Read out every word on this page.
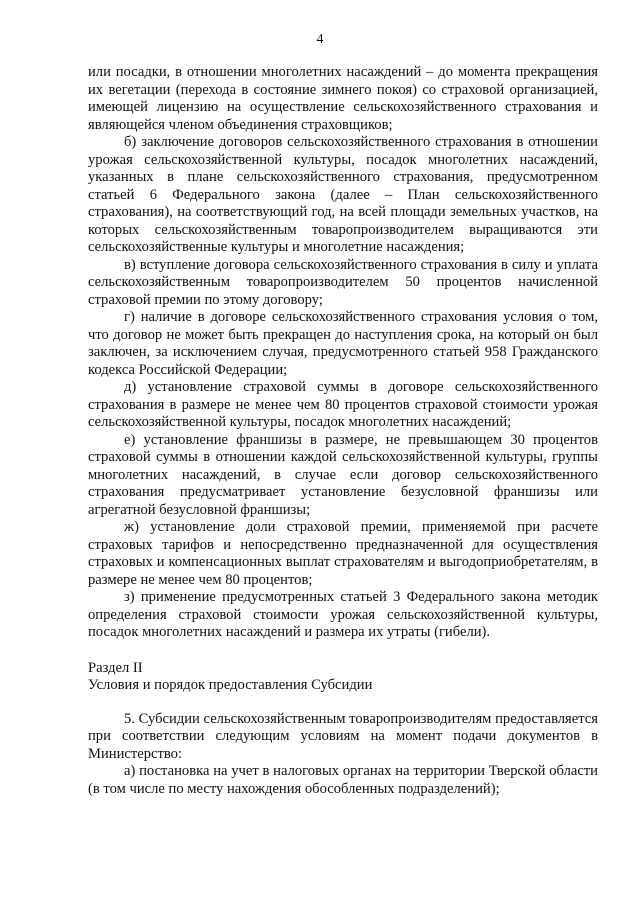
4

или посадки, в отношении многолетних насаждений – до момента прекращения их вегетации (перехода в состояние зимнего покоя) со страховой организацией, имеющей лицензию на осуществление сельскохозяйственного страхования и являющейся членом объединения страховщиков;

б) заключение договоров сельскохозяйственного страхования в отношении урожая сельскохозяйственной культуры, посадок многолетних насаждений, указанных в плане сельскохозяйственного страхования, предусмотренном статьей 6 Федерального закона (далее – План сельскохозяйственного страхования), на соответствующий год, на всей площади земельных участков, на которых сельскохозяйственным товаропроизводителем выращиваются эти сельскохозяйственные культуры и многолетние насаждения;

в) вступление договора сельскохозяйственного страхования в силу и уплата сельскохозяйственным товаропроизводителем 50 процентов начисленной страховой премии по этому договору;

г) наличие в договоре сельскохозяйственного страхования условия о том, что договор не может быть прекращен до наступления срока, на который он был заключен, за исключением случая, предусмотренного статьей 958 Гражданского кодекса Российской Федерации;

д) установление страховой суммы в договоре сельскохозяйственного страхования в размере не менее чем 80 процентов страховой стоимости урожая сельскохозяйственной культуры, посадок многолетних насаждений;

е) установление франшизы в размере, не превышающем 30 процентов страховой суммы в отношении каждой сельскохозяйственной культуры, группы многолетних насаждений, в случае если договор сельскохозяйственного страхования предусматривает установление безусловной франшизы или агрегатной безусловной франшизы;

ж) установление доли страховой премии, применяемой при расчете страховых тарифов и непосредственно предназначенной для осуществления страховых и компенсационных выплат страхователям и выгодоприобретателям, в размере не менее чем 80 процентов;

з) применение предусмотренных статьей 3 Федерального закона методик определения страховой стоимости урожая сельскохозяйственной культуры, посадок многолетних насаждений и размера их утраты (гибели).

Раздел II

Условия и порядок предоставления Субсидии

5. Субсидии сельскохозяйственным товаропроизводителям предоставляется при соответствии следующим условиям на момент подачи документов в Министерство:

а) постановка на учет в налоговых органах на территории Тверской области (в том числе по месту нахождения обособленных подразделений);
